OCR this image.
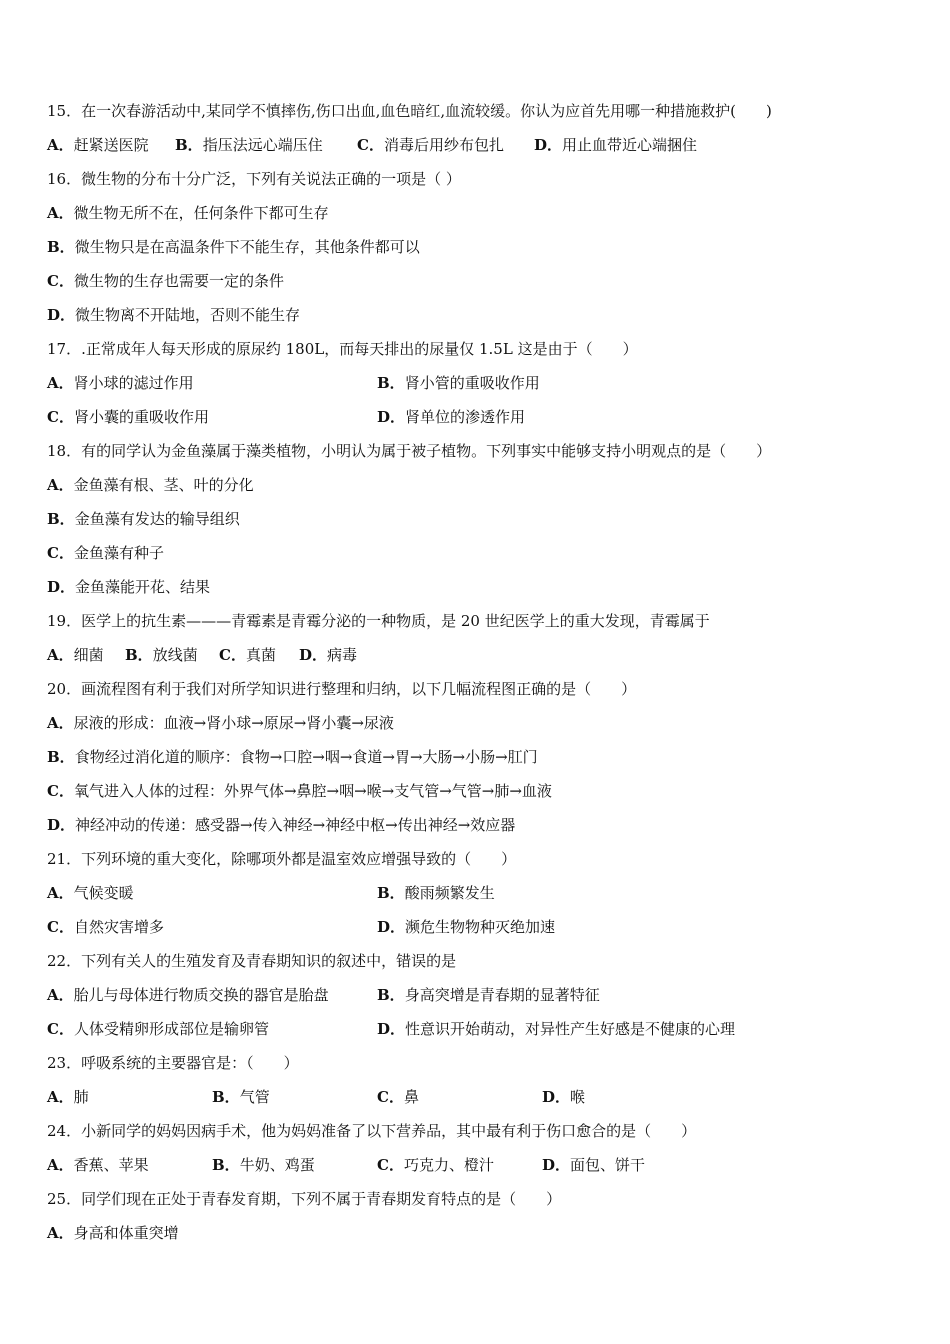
15．在一次春游活动中,某同学不慎摔伤,伤口出血,血色暗红,血流较缓。你认为应首先用哪一种措施救护(　　)
A．赶紧送医院 B．指压法远心端压住 C．消毒后用纱布包扎 D．用止血带近心端捆住
16．微生物的分布十分广泛，下列有关说法正确的一项是（ ）
A．微生物无所不在，任何条件下都可生存
B．微生物只是在高温条件下不能生存，其他条件都可以
C．微生物的生存也需要一定的条件
D．微生物离不开陆地，否则不能生存
17．.正常成年人每天形成的原尿约 180L，而每天排出的尿量仅 1.5L 这是由于（　　）
A．肾小球的滤过作用	B．肾小管的重吸收作用
C．肾小囊的重吸收作用	D．肾单位的渗透作用
18．有的同学认为金鱼藻属于藻类植物，小明认为属于被子植物。下列事实中能够支持小明观点的是（　　）
A．金鱼藻有根、茎、叶的分化
B．金鱼藻有发达的输导组织
C．金鱼藻有种子
D．金鱼藻能开花、结果
19．医学上的抗生素———青霉素是青霉分泌的一种物质，是 20 世纪医学上的重大发现，青霉属于
A．细菌 B．放线菌 C．真菌 D．病毒
20．画流程图有利于我们对所学知识进行整理和归纳，以下几幅流程图正确的是（　　）
A．尿液的形成：血液→肾小球→原尿→肾小囊→尿液
B．食物经过消化道的顺序：食物→口腔→咽→食道→胃→大肠→小肠→肛门
C．氧气进入人体的过程：外界气体→鼻腔→咽→喉→支气管→气管→肺→血液
D．神经冲动的传递：感受器→传入神经→神经中枢→传出神经→效应器
21．下列环境的重大变化，除哪项外都是温室效应增强导致的（　　）
A．气候变暖	B．酸雨频繁发生
C．自然灾害增多	D．濒危生物物种灭绝加速
22．下列有关人的生殖发育及青春期知识的叙述中，错误的是
A．胎儿与母体进行物质交换的器官是胎盘	B．身高突增是青春期的显著特征
C．人体受精卵形成部位是输卵管	D．性意识开始萌动，对异性产生好感是不健康的心理
23．呼吸系统的主要器官是：（　　）
A．肺	B．气管	C．鼻	D．喉
24．小新同学的妈妈因病手术，他为妈妈准备了以下营养品，其中最有利于伤口愈合的是（　　）
A．香蕉、苹果	B．牛奶、鸡蛋	C．巧克力、橙汁	D．面包、饼干
25．同学们现在正处于青春发育期，下列不属于青春期发育特点的是（　　）
A．身高和体重突增
